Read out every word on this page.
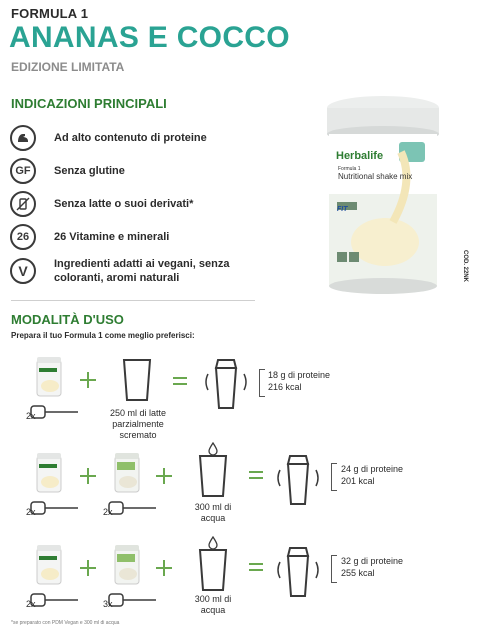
FORMULA 1
ANANAS E COCCO
EDIZIONE LIMITATA
INDICAZIONI PRINCIPALI
Ad alto contenuto di proteine
GF	Senza glutine
Senza latte o suoi derivati*
26	26 Vitamine e minerali
V	Ingredienti adatti ai vegani, senza coloranti, aromi naturali
Herbalife
Formula 1
Nutritional shake mix
FIT
COD. 22NK
MODALITÀ D'USO
Prepara il tuo Formula 1 come meglio preferisci:
2x	250 ml di latte parzialmente scremato
18 g di proteine
216 kcal
2x	2x	300 ml di acqua
24 g di proteine
201 kcal
2x	3x	300 ml di acqua
32 g di proteine
255 kcal
*se preparato con PDM Vegan e 300 ml di acqua
